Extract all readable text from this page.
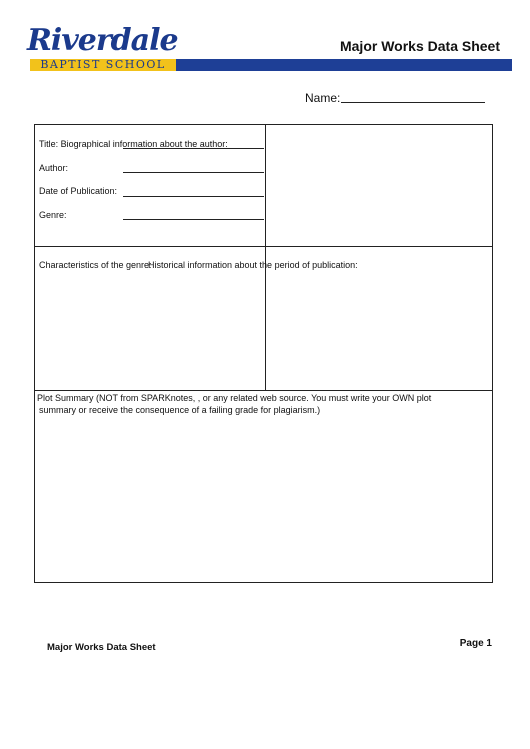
Riverdale
BAPTIST SCHOOL
Major Works Data Sheet
Name:
Title: Biographical information about the author:
Author:
Date of Publication:
Genre:
Characteristics of the genre:
Historical information about the period of publication:
Plot Summary (NOT from SPARKnotes, , or any related web source. You must write your OWN plot
summary or receive the consequence of a failing grade for plagiarism.)
Major Works Data Sheet	Page 1
